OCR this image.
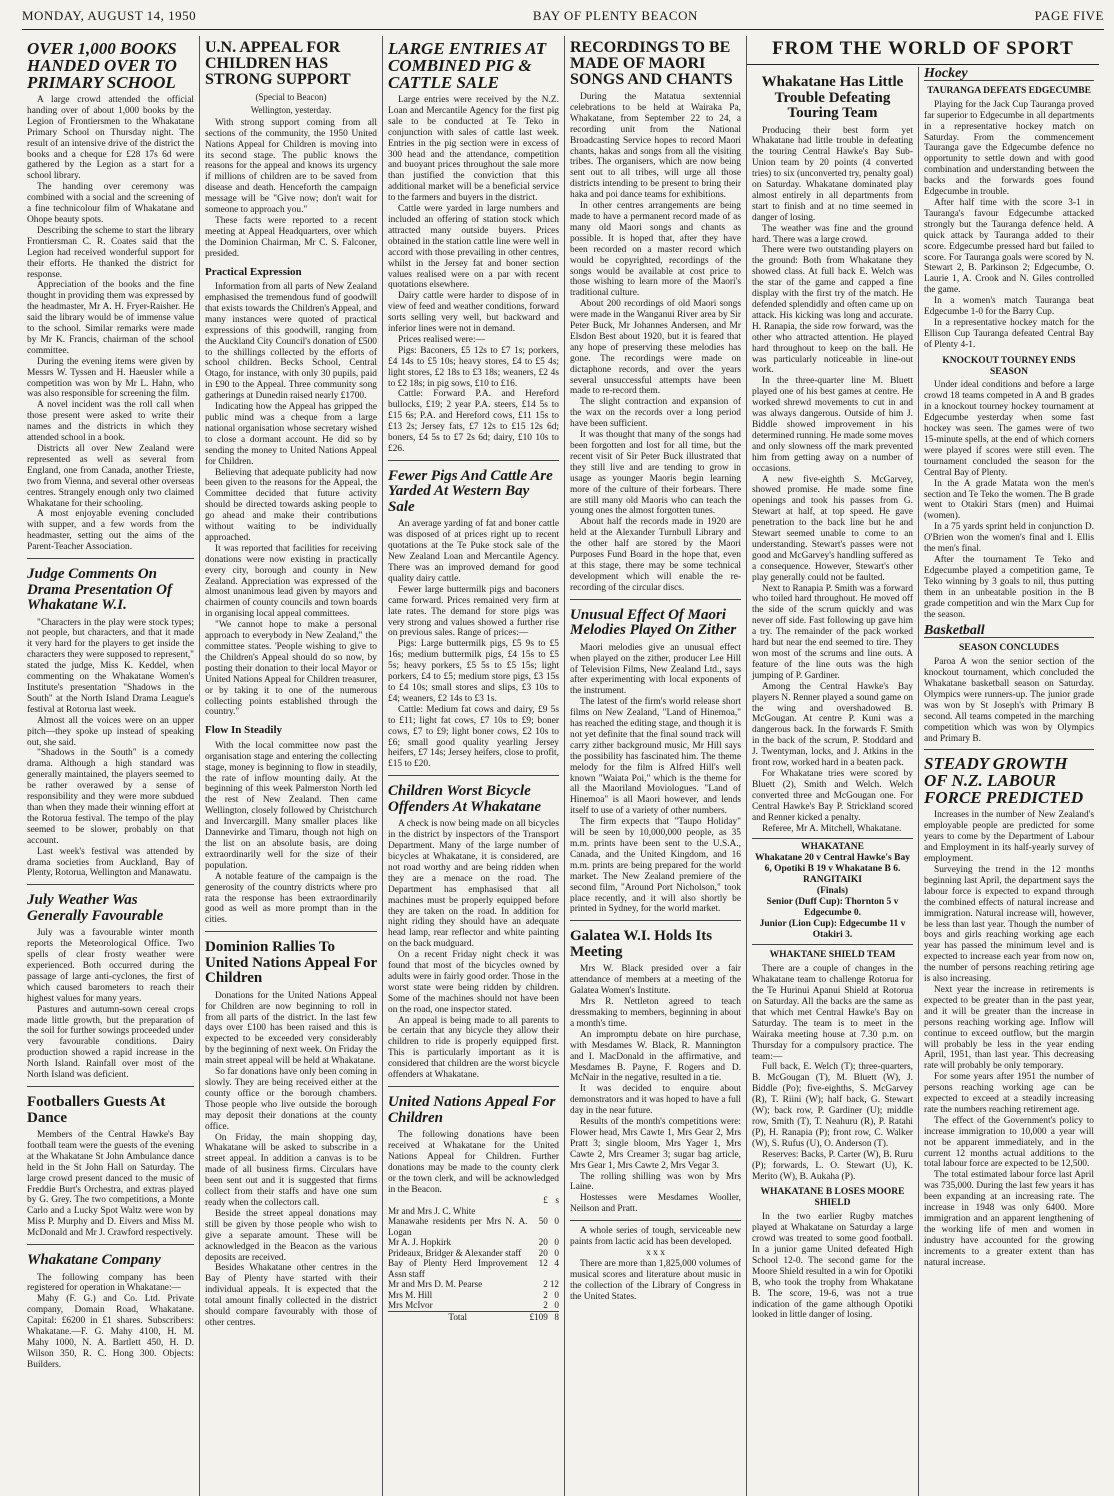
MONDAY, AUGUST 14, 1950	BAY OF PLENTY BEACON	PAGE FIVE
OVER 1,000 BOOKS HANDED OVER TO PRIMARY SCHOOL

A large crowd attended the official handing over of about 1,000 books by the Legion of Frontiersmen to the Whakatane Primary School on Thursday night. The result of an intensive drive of the district the books and a cheque for £28 17s 6d were gathered by the Legion as a start for a school library.

The handing over ceremony was combined with a social and the screening of a fine technicolour film of Whakatane and Ohope beauty spots.

Describing the scheme to start the library Frontiersman C. R. Coates said that the Legion had received wonderful support for their efforts. He thanked the district for response.

Appreciation of the books and the fine thought in providing them was expressed by the headmaster, Mr A. H. Fryer-Raisher. He said the library would be of immense value to the school. Similar remarks were made by Mr K. Francis, chairman of the school committee.

During the evening items were given by Messrs W. Tyssen and H. Haeusler while a competition was won by Mr L. Hahn, who was also responsible for screening the film.

A novel incident was the roll call when those present were asked to write their names and the districts in which they attended school in a book.

Districts all over New Zealand were represented as well as several from England, one from Canada, another Trieste, two from Vienna, and several other overseas centres. Strangely enough only two claimed Whakatane for their schooling.

A most enjoyable evening concluded with supper, and a few words from the headmaster, setting out the aims of the Parent-Teacher Association.

Judge Comments On Drama Presentation Of Whakatane W.I.

"Characters in the play were stock types; not people, but characters, and that it made it very hard for the players to get inside the characters they were supposed to represent," stated the judge, Miss K. Keddel, when commenting on the Whakatane Women's Institute's presentation "Shadows in the South" at the North Island Drama League's festival at Rotorua last week.

Almost all the voices were on an upper pitch—they spoke up instead of speaking out, she said.

"Shadows in the South" is a comedy drama. Although a high standard was generally maintained, the players seemed to be rather overawed by a sense of responsibility and they were more subdued than when they made their winning effort at the Rotorua festival. The tempo of the play seemed to be slower, probably on that account.

Last week's festival was attended by drama societies from Auckland, Bay of Plenty, Rotorua, Wellington and Manawatu.

July Weather Was Generally Favourable

July was a favourable winter month reports the Meteorological Office. Two spells of clear frosty weather were experienced. Both occurred during the passage of large anti-cyclones, the first of which caused barometers to reach their highest values for many years.

Pastures and autumn-sown cereal crops made little growth, but the preparation of the soil for further sowings proceeded under very favourable conditions. Dairy production showed a rapid increase in the North Island. Rainfall over most of the North Island was deficient.

Footballers Guests At Dance

Members of the Central Hawke's Bay football team were the guests of the evening at the Whakatane St John Ambulance dance held in the St John Hall on Saturday. The large crowd present danced to the music of Freddie Burt's Orchestra, and extras played by G. Grey. The two competitions, a Monte Carlo and a Lucky Spot Waltz were won by Miss P. Murphy and D. Eivers and Miss M. McDonald and Mr J. Crawford respectively.

Whakatane Company

The following company has been registered for operation in Whakatane:—

Mahy (F. G.) and Co. Ltd. Private company, Domain Road, Whakatane. Capital: £6200 in £1 shares. Subscribers: Whakatane.—F. G. Mahy 4100, H. M. Mahy 1000, N. A. Bartlett 450, H. D. Wilson 350, R. C. Hong 300. Objects: Builders.

U.N. APPEAL FOR CHILDREN HAS STRONG SUPPORT
(Special to Beacon)
Wellington, yesterday.

With strong support coming from all sections of the community, the 1950 United Nations Appeal for Children is moving into its second stage. The public knows the reasons for the appeal and knows its urgency if millions of children are to be saved from disease and death. Henceforth the campaign message will be "Give now; don't wait for someone to approach you."

These facts were reported to a recent meeting at Appeal Headquarters, over which the Dominion Chairman, Mr C. S. Falconer, presided.

Practical Expression

Information from all parts of New Zealand emphasised the tremendous fund of goodwill that exists towards the Children's Appeal, and many instances were quoted of practical expressions of this goodwill, ranging from the Auckland City Council's donation of £500 to the shillings collected by the efforts of school children. Becks School, Central Otago, for instance, with only 30 pupils, paid in £90 to the Appeal. Three community song gatherings at Dunedin raised nearly £1700.

Indicating how the Appeal has gripped the public mind was a cheque from a large national organisation whose secretary wished to close a dormant account. He did so by sending the money to United Nations Appeal for Children.

Believing that adequate publicity had now been given to the reasons for the Appeal, the Committee decided that future activity should be directed towards asking people to go ahead and make their contributions without waiting to be individually approached.

It was reported that facilities for receiving donations were now existing in practically every city, borough and county in New Zealand. Appreciation was expressed of the almost unanimous lead given by mayors and chairmen of county councils and town boards in organising local appeal committees.

"We cannot hope to make a personal approach to everybody in New Zealand," the committee states. 'People wishing to give to the Children's Appeal should do so now, by posting their donation to their local Mayor or United Nations Appeal for Children treasurer, or by taking it to one of the numerous collecting points established through the country."

Flow In Steadily

With the local committee now past the organisation stage and entering the collecting stage, money is beginning to flow in steadily, the rate of inflow mounting daily. At the beginning of this week Palmerston North led the rest of New Zealand. Then came Wellington, closely followed by Christchurch and Invercargill. Many smaller places like Dannevirke and Timaru, though not high on the list on an absolute basis, are doing extraordinarily well for the size of their population.

A notable feature of the campaign is the generosity of the country districts where pro rata the response has been extraordinarily good as well as more prompt than in the cities.

Dominion Rallies To United Nations Appeal For Children

Donations for the United Nations Appeal for Children are now beginning to roll in from all parts of the district. In the last few days over £100 has been raised and this is expected to be exceeded very considerably by the beginning of next week. On Friday the main street appeal will be held at Whakatane.

So far donations have only been coming in slowly. They are being received either at the county office or the borough chambers. Those people who live outside the borough may deposit their donations at the county office.

On Friday, the main shopping day, Whakatane will be asked to subscribe in a street appeal. In addition a canvas is to be made of all business firms. Circulars have been sent out and it is suggested that firms collect from their staffs and have one sum ready when the collectors call.

Beside the street appeal donations may still be given by those people who wish to give a separate amount. These will be acknowledged in the Beacon as the various deposits are received.

Besides Whakatane other centres in the Bay of Plenty have started with their individual appeals. It is expected that the total amount finally collected in the district should compare favourably with those of other centres.

LARGE ENTRIES AT COMBINED PIG & CATTLE SALE

Large entries were received by the N.Z. Loan and Mercantile Agency for the first pig sale to be conducted at Te Teko in conjunction with sales of cattle last week. Entries in the pig section were in excess of 300 head and the attendance, competition and buoyant prices throughout the sale more than justified the conviction that this additional market will be a beneficial service to the farmers and buyers in the district.

Cattle were yarded in large numbers and included an offering of station stock which attracted many outside buyers. Prices obtained in the station cattle line were well in accord with those prevailing in other centres, whilst in the Jersey fat and boner section values realised were on a par with recent quotations elsewhere.

Dairy cattle were harder to dispose of in view of feed and weather conditions, forward sorts selling very well, but backward and inferior lines were not in demand.

Prices realised were:—

Pigs: Baconers, £5 12s to £7 1s; porkers, £4 14s to £5 10s; heavy stores, £4 to £5 4s; light stores, £2 18s to £3 18s; weaners, £2 4s to £2 18s; in pig sows, £10 to £16.

Cattle: Forward P.A. and Hereford bullocks, £19; 2 year P.A. steers, £14 5s to £15 6s; P.A. and Hereford cows, £11 15s to £13 2s; Jersey fats, £7 12s to £15 12s 6d; boners, £4 5s to £7 2s 6d; dairy, £10 10s to £26.

Fewer Pigs And Cattle Are Yarded At Western Bay Sale

An average yarding of fat and boner cattle was disposed of at prices right up to recent quotations at the Te Puke stock sale of the New Zealand Loan and Mercantile Agency. There was an improved demand for good quality dairy cattle.

Fewer large buttermilk pigs and baconers came forward. Prices remained very firm at late rates. The demand for store pigs was very strong and values showed a further rise on previous sales. Range of prices:—

Pigs: Large buttermilk pigs, £5 9s to £5 16s; medium buttermilk pigs, £4 15s to £5 5s; heavy porkers, £5 5s to £5 15s; light porkers, £4 to £5; medium store pigs, £3 15s to £4 10s; small stores and slips, £3 10s to £4; weaners, £2 14s to £3 1s.

Cattle: Medium fat cows and dairy, £9 5s to £11; light fat cows, £7 10s to £9; boner cows, £7 to £9; light boner cows, £2 10s to £6; small good quality yearling Jersey heifers, £7 14s; Jersey heifers, close to profit, £15 to £20.

Children Worst Bicycle Offenders At Whakatane

A check is now being made on all bicycles in the district by inspectors of the Transport Department. Many of the large number of bicycles at Whakatane, it is considered, are not road worthy and are being ridden when they are a menace on the road. The Department has emphasised that all machines must be properly equipped before they are taken on the road. In addition for night riding they should have an adequate head lamp, rear reflector and white painting on the back mudguard.

On a recent Friday night check it was found that most of the bicycles owned by adults were in fairly good order. Those in the worst state were being ridden by children. Some of the machines should not have been on the road, one inspector stated.

An appeal is being made to all parents to be certain that any bicycle they allow their children to ride is properly equipped first. This is particularly important as it is considered that children are the worst bicycle offenders at Whakatane.

United Nations Appeal For Children

The following donations have been received at Whakatane for the United Nations Appeal for Children. Further donations may be made to the county clerk or the town clerk, and will be acknowledged in the Beacon.

	£	s
Mr and Mrs J. C. White		
Manawahe residents per Mrs N. A. Logan	50	0
Mr A. J. Hopkirk	20	0
Prideaux, Bridger & Alexander staff	20	0
Bay of Plenty Herd Improvement Assn staff	12	4
Mr and Mrs D. M. Pearse	2	12
Mrs M. Hill	2	0
Mrs McIvor	2	0
Total	£109	8
RECORDINGS TO BE MADE OF MAORI SONGS AND CHANTS

During the Matatua sextennial celebrations to be held at Wairaka Pa, Whakatane, from September 22 to 24, a recording unit from the National Broadcasting Service hopes to record Maori chants, hakas and songs from all the visiting tribes. The organisers, which are now being sent out to all tribes, will urge all those districts intending to be present to bring their haka and poi dance teams for exhibitions.

In other centres arrangements are being made to have a permanent record made of as many old Maori songs and chants as possible. It is hoped that, after they have been recorded on a master record which would be copyrighted, recordings of the songs would be available at cost price to those wishing to learn more of the Maori's traditional culture.

About 200 recordings of old Maori songs were made in the Wanganui River area by Sir Peter Buck, Mr Johannes Andersen, and Mr Elsdon Best about 1920, but it is feared that any hope of preserving these melodies has gone. The recordings were made on dictaphone records, and over the years several unsuccessful attempts have been made to re-record them.

The slight contraction and expansion of the wax on the records over a long period have been sufficient.

It was thought that many of the songs had been forgotten and lost for all time, but the recent visit of Sir Peter Buck illustrated that they still live and are tending to grow in usage as younger Maoris begin learning more of the culture of their forbears. There are still many old Maoris who can teach the young ones the almost forgotten tunes.

About half the records made in 1920 are held at the Alexander Turnbull Library and the other half are stored by the Maori Purposes Fund Board in the hope that, even at this stage, there may be some technical development which will enable the re-recording of the circular discs.

Unusual Effect Of Maori Melodies Played On Zither

Maori melodies give an unusual effect when played on the zither, producer Lee Hill of Television Films, New Zealand Ltd., says after experimenting with local exponents of the instrument.

The latest of the firm's world release short films on New Zealand, "Land of Hinemoa," has reached the editing stage, and though it is not yet definite that the final sound track will carry zither background music, Mr Hill says the possibility has fascinated him. The theme melody for the film is Alfred Hill's well known "Waiata Poi," which is the theme for all the Maoriland Moviologues. "Land of Hinemoa" is all Maori however, and lends itself to use of a variety of other numbers.

The firm expects that "Taupo Holiday" will be seen by 10,000,000 people, as 35 m.m. prints have been sent to the U.S.A., Canada, and the United Kingdom, and 16 m.m. prints are being prepared for the world market. The New Zealand premiere of the second film, "Around Port Nicholson," took place recently, and it will also shortly be printed in Sydney, for the world market.

Galatea W.I. Holds Its Meeting

Mrs W. Black presided over a fair attendance of members at a meeting of the Galatea Women's Institute.

Mrs R. Nettleton agreed to teach dressmaking to members, beginning in about a month's time.

An impromptu debate on hire purchase, with Mesdames W. Black, R. Mannington and I. MacDonald in the affirmative, and Mesdames B. Payne, F. Rogers and D. McNair in the negative, resulted in a tie.

It was decided to enquire about demonstrators and it was hoped to have a full day in the near future.

Results of the month's competitions were: Flower head, Mrs Cawte 1, Mrs Gear 2, Mrs Pratt 3; single bloom, Mrs Yager 1, Mrs Cawte 2, Mrs Creamer 3; sugar bag article, Mrs Gear 1, Mrs Cawte 2, Mrs Vegar 3.

The rolling shilling was won by Mrs Laine.

Hostesses were Mesdames Wooller, Neilson and Pratt.

A whole series of tough, serviceable new paints from lactic acid has been developed.

x x x

There are more than 1,825,000 volumes of musical scores and literature about music in the collection of the Library of Congress in the United States.

FROM THE WORLD OF SPORT
Whakatane Has Little Trouble Defeating Touring Team

Producing their best form yet Whakatane had little trouble in defeating the touring Central Hawke's Bay Sub-Union team by 20 points (4 converted tries) to six (unconverted try, penalty goal) on Saturday. Whakatane dominated play almost entirely in all departments from start to finish and at no time seemed in danger of losing.

The weather was fine and the ground hard. There was a large crowd.

There were two outstanding players on the ground: Both from Whakatane they showed class. At full back E. Welch was the star of the game and capped a fine display with the first try of the match. He defended splendidly and often came up on attack. His kicking was long and accurate. H. Ranapia, the side row forward, was the other who attracted attention. He played hard throughout to keep on the ball. He was particularly noticeable in line-out work.

In the three-quarter line M. Bluett played one of his best games at centre. He worked shrewd movements to cut in and was always dangerous. Outside of him J. Biddle showed improvement in his determined running. He made some moves and only slowness off the mark prevented him from getting away on a number of occasions.

A new five-eighth S. McGarvey, showed promise. He made some fine openings and took his passes from G. Stewart at half, at top speed. He gave penetration to the back line but he and Stewart seemed unable to come to an understanding. Stewart's passes were not good and McGarvey's handling suffered as a consequence. However, Stewart's other play generally could not be faulted.

Next to Ranapia P. Smith was a forward who toiled hard throughout. He moved off the side of the scrum quickly and was never off side. Fast following up gave him a try. The remainder of the pack worked hard but near the end seemed to tire. They won most of the scrums and line outs. A feature of the line outs was the high jumping of P. Gardiner.

Among the Central Hawke's Bay players N. Renner played a sound game on the wing and overshadowed B. McGougan. At centre P. Kuni was a dangerous back. In the forwards F. Smith in the back of the scrum, P. Stoddard and J. Twentyman, locks, and J. Atkins in the front row, worked hard in a beaten pack.

For Whakatane tries were scored by Bluett (2), Smith and Welch. Welch converted three and McGougan one. For Central Hawke's Bay P. Strickland scored and Renner kicked a penalty.

Referee, Mr A. Mitchell, Whakatane.

WHAKATANE
Whakatane 20 v Central Hawke's Bay 6, Opotiki B 19 v Whakatane B 6.
RANGITAIKI
(Finals)
Senior (Duff Cup): Thornton 5 v Edgecumbe 0.
Junior (Lion Cup): Edgecumbe 11 v Otakiri 3.
WHAKTANE SHIELD TEAM

There are a couple of changes in the Whakatane team to challenge Rotorua for the Te Hurinui Apanui Shield at Rotorua on Saturday. All the backs are the same as that which met Central Hawke's Bay on Saturday. The team is to meet in the Wairaka meeting house at 7.30 p.m. on Thursday for a compulsory practice. The team:—

Full back, E. Welch (T); three-quarters, B. McGougan (T), M. Bluett (W), J. Biddle (Po); five-eighths, S. McGarvey (R), T. Riini (W); half back, G. Stewart (W); back row, P. Gardiner (U); middle row, Smith (T), T. Neahuru (R), P. Ratahi (P), H. Ranapia (P); front row, C. Walker (W), S. Rufus (U), O. Anderson (T).

Reserves: Backs, P. Carter (W), B. Ruru (P); forwards, L. O. Stewart (U), K. Merito (W), B. Aukaha (P).

WHAKATANE B LOSES MOORE SHIELD

In the two earlier Rugby matches played at Whakatane on Saturday a large crowd was treated to some good football. In a junior game United defeated High School 12-0. The second game for the Moore Shield resulted in a win for Opotiki B, who took the trophy from Whakatane B. The score, 19-6, was not a true indication of the game although Opotiki looked in little danger of losing.

Hockey
TAURANGA DEFEATS EDGECUMBE

Playing for the Jack Cup Tauranga proved far superior to Edgecumbe in all departments in a representative hockey match on Saturday. From the commencement Tauranga gave the Edgecumbe defence no opportunity to settle down and with good combination and understanding between the backs and the forwards goes found Edgecumbe in trouble.

After half time with the score 3-1 in Tauranga's favour Edgecumbe attacked strongly but the Tauranga defence held. A quick attack by Tauranga added to their score. Edgecumbe pressed hard but failed to score. For Tauranga goals were scored by N. Stewart 2, B. Parkinson 2; Edgecumbe, O. Laurie 1, A. Crook and N. Giles controlled the game.

In a women's match Tauranga beat Edgecumbe 1-0 for the Barry Cup.

In a representative hockey match for the Ellison Cup Tauranga defeated Central Bay of Plenty 4-1.

KNOCKOUT TOURNEY ENDS SEASON

Under ideal conditions and before a large crowd 18 teams competed in A and B grades in a knockout tourney hockey tournament at Edgecumbe yesterday when some fast hockey was seen. The games were of two 15-minute spells, at the end of which corners were played if scores were still even. The tournament concluded the season for the Central Bay of Plenty.

In the A grade Matata won the men's section and Te Teko the women. The B grade went to Otakiri Stars (men) and Huimai (women).

In a 75 yards sprint held in conjunction D. O'Brien won the women's final and I. Ellis the men's final.

After the tournament Te Teko and Edgecumbe played a competition game, Te Teko winning by 3 goals to nil, thus putting them in an unbeatable position in the B grade competition and win the Marx Cup for the season.

Basketball
SEASON CONCLUDES

Paroa A won the senior section of the knockout tournament, which concluded the Whakatane basketball season on Saturday. Olympics were runners-up. The junior grade was won by St Joseph's with Primary B second. All teams competed in the marching competition which was won by Olympics and Primary B.

STEADY GROWTH OF N.Z. LABOUR FORCE PREDICTED

Increases in the number of New Zealand's employable people are predicted for some years to come by the Department of Labour and Employment in its half-yearly survey of employment.

Surveying the trend in the 12 months beginning last April, the department says the labour force is expected to expand through the combined effects of natural increase and immigration. Natural increase will, however, be less than last year. Though the number of boys and girls reaching working age each year has passed the minimum level and is expected to increase each year from now on, the number of persons reaching retiring age is also increasing.

Next year the increase in retirements is expected to be greater than in the past year, and it will be greater than the increase in persons reaching working age. Inflow will continue to exceed outflow, but the margin will probably be less in the year ending April, 1951, than last year. This decreasing rate will probably be only temporary.

For some years after 1951 the number of persons reaching working age can be expected to exceed at a steadily increasing rate the numbers reaching retirement age.

The effect of the Government's policy to increase immigration to 10,000 a year will not be apparent immediately, and in the current 12 months actual additions to the total labour force are expected to be 12,500.

The total estimated labour force last April was 735,000. During the last few years it has been expanding at an increasing rate. The increase in 1948 was only 6400. More immigration and an apparent lengthening of the working life of men and women in industry have accounted for the growing increments to a greater extent than has natural increase.
